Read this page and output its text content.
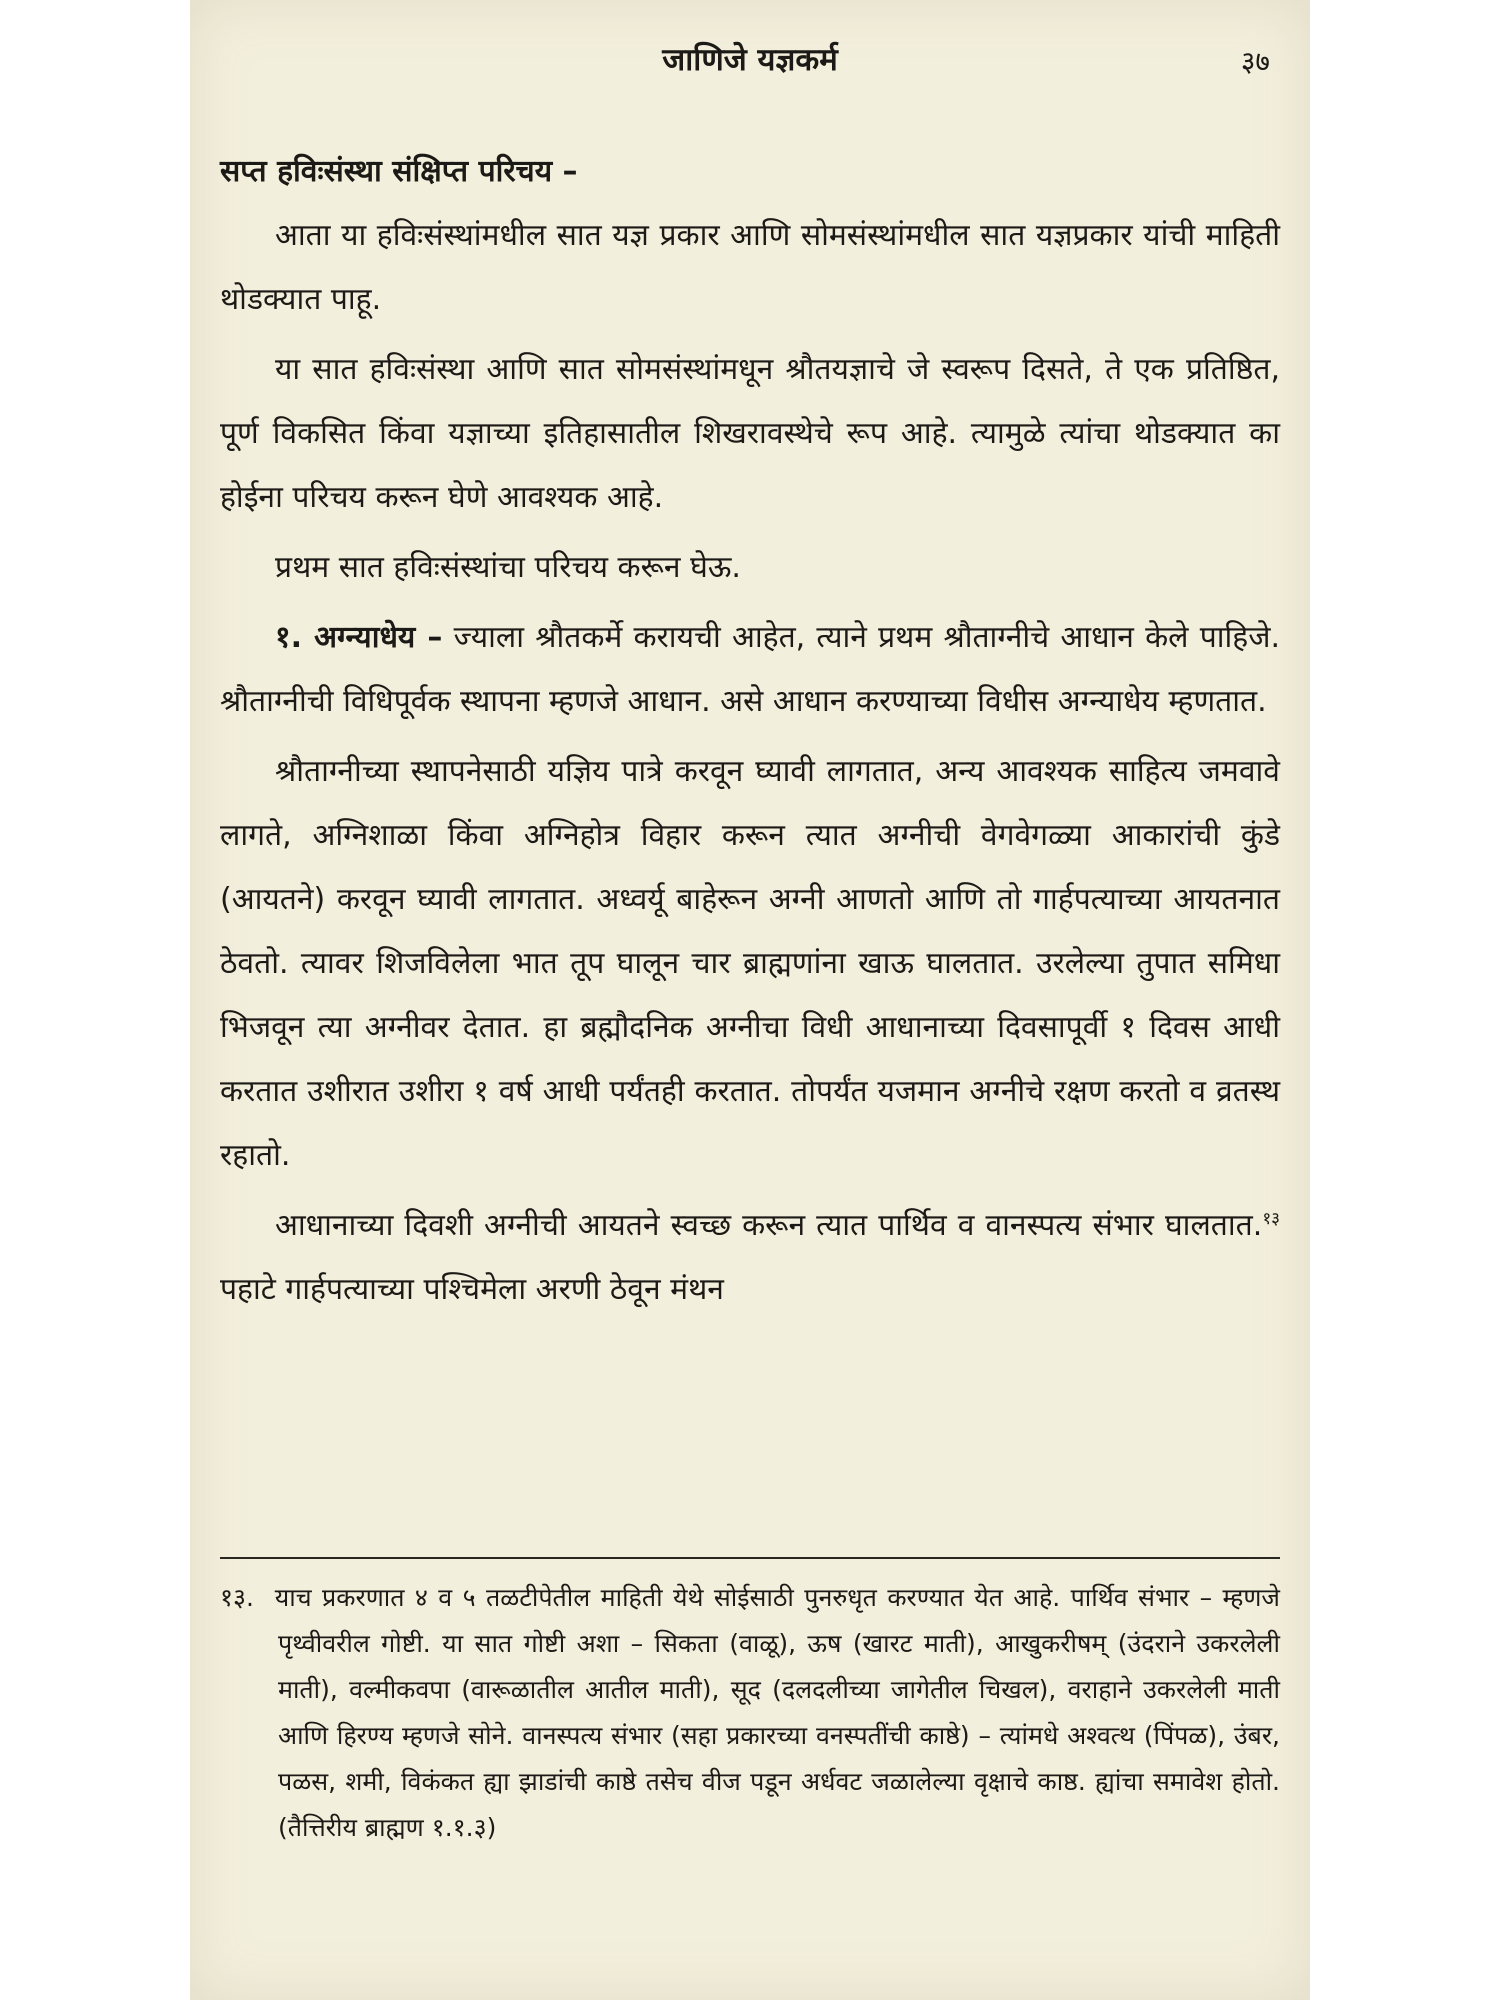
जाणिजे यज्ञकर्म	३७

सप्त हविःसंस्था संक्षिप्त परिचय –

आता या हविःसंस्थांमधील सात यज्ञ प्रकार आणि सोमसंस्थांमधील सात यज्ञप्रकार यांची माहिती थोडक्यात पाहू.

या सात हविःसंस्था आणि सात सोमसंस्थांमधून श्रौतयज्ञाचे जे स्वरूप दिसते, ते एक प्रतिष्ठित, पूर्ण विकसित किंवा यज्ञाच्या इतिहासातील शिखरावस्थेचे रूप आहे. त्यामुळे त्यांचा थोडक्यात का होईना परिचय करून घेणे आवश्यक आहे.

प्रथम सात हविःसंस्थांचा परिचय करून घेऊ.

१. अग्न्याधेय – ज्याला श्रौतकर्मे करायची आहेत, त्याने प्रथम श्रौताग्नीचे आधान केले पाहिजे. श्रौताग्नीची विधिपूर्वक स्थापना म्हणजे आधान. असे आधान करण्याच्या विधीस अग्न्याधेय म्हणतात.

श्रौताग्नीच्या स्थापनेसाठी यज्ञिय पात्रे करवून घ्यावी लागतात, अन्य आवश्यक साहित्य जमवावे लागते, अग्निशाळा किंवा अग्निहोत्र विहार करून त्यात अग्नीची वेगवेगळ्या आकारांची कुंडे (आयतने) करवून घ्यावी लागतात. अध्वर्यू बाहेरून अग्नी आणतो आणि तो गार्हपत्याच्या आयतनात ठेवतो. त्यावर शिजविलेला भात तूप घालून चार ब्राह्मणांना खाऊ घालतात. उरलेल्या तुपात समिधा भिजवून त्या अग्नीवर देतात. हा ब्रह्मौदनिक अग्नीचा विधी आधानाच्या दिवसापूर्वी १ दिवस आधी करतात उशीरात उशीरा १ वर्ष आधी पर्यंतही करतात. तोपर्यंत यजमान अग्नीचे रक्षण करतो व व्रतस्थ रहातो.

आधानाच्या दिवशी अग्नीची आयतने स्वच्छ करून त्यात पार्थिव व वानस्पत्य संभार घालतात.$^{१३}$ पहाटे गार्हपत्याच्या पश्चिमेला अरणी ठेवून मंथन

१३. याच प्रकरणात ४ व ५ तळटीपेतील माहिती येथे सोईसाठी पुनरुधृत करण्यात येत आहे. पार्थिव संभार – म्हणजे पृथ्वीवरील गोष्टी. या सात गोष्टी अशा – सिकता (वाळू), ऊष (खारट माती), आखुकरीषम् (उंदराने उकरलेली माती), वल्मीकवपा (वारूळातील आतील माती), सूद (दलदलीच्या जागेतील चिखल), वराहाने उकरलेली माती आणि हिरण्य म्हणजे सोने. वानस्पत्य संभार (सहा प्रकारच्या वनस्पतींची काष्ठे) – त्यांमधे अश्वत्थ (पिंपळ), उंबर, पळस, शमी, विकंकत ह्या झाडांची काष्ठे तसेच वीज पडून अर्धवट जळालेल्या वृक्षाचे काष्ठ. ह्यांचा समावेश होतो. (तैत्तिरीय ब्राह्मण १.१.३)
